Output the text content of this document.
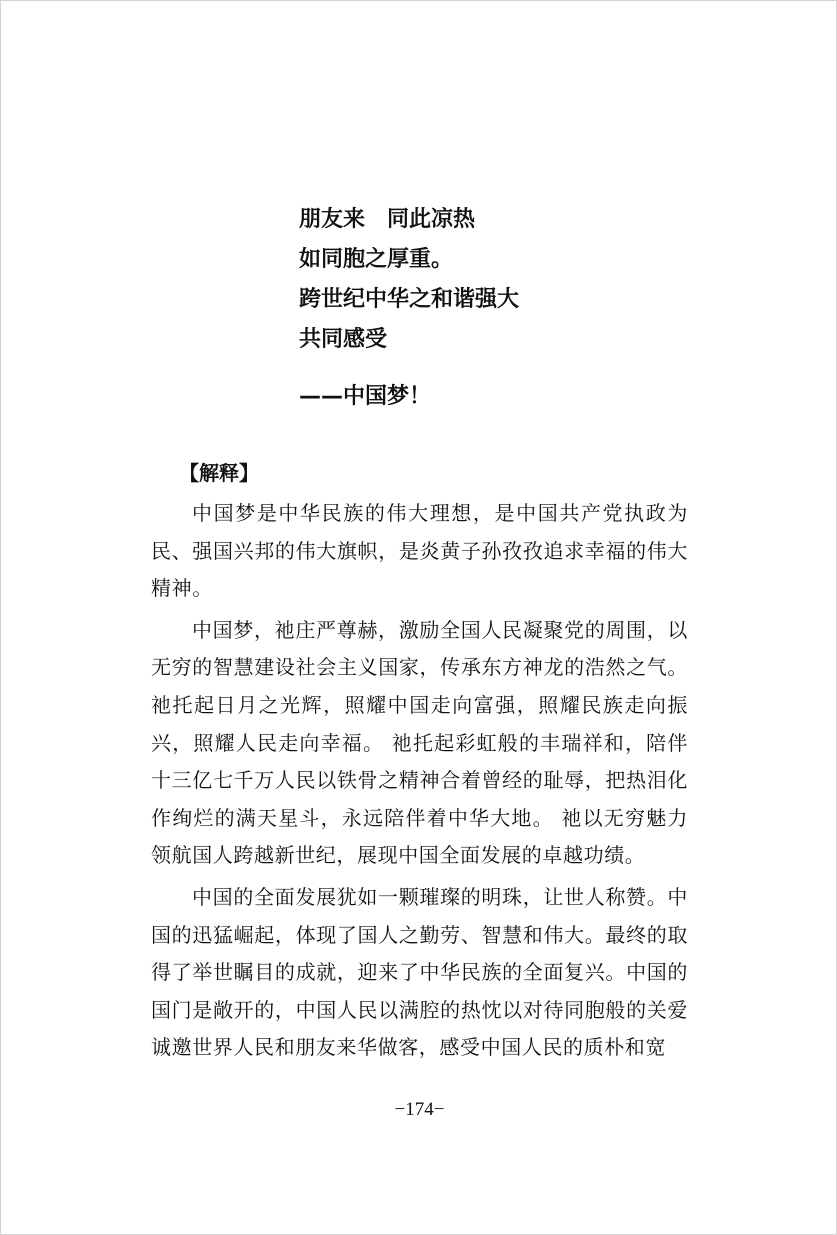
朋友来　同此凉热
如同胞之厚重。
跨世纪中华之和谐强大
共同感受
——中国梦！
【解释】

中国梦是中华民族的伟大理想，是中国共产党执政为民、强国兴邦的伟大旗帜，是炎黄子孙孜孜追求幸福的伟大精神。

中国梦，祂庄严尊赫，激励全国人民凝聚党的周围，以无穷的智慧建设社会主义国家，传承东方神龙的浩然之气。祂托起日月之光辉，照耀中国走向富强，照耀民族走向振兴，照耀人民走向幸福。 祂托起彩虹般的丰瑞祥和，陪伴十三亿七千万人民以铁骨之精神合着曾经的耻辱，把热泪化作绚烂的满天星斗，永远陪伴着中华大地。 祂以无穷魅力领航国人跨越新世纪，展现中国全面发展的卓越功绩。

中国的全面发展犹如一颗璀璨的明珠，让世人称赞。中国的迅猛崛起，体现了国人之勤劳、智慧和伟大。最终的取得了举世瞩目的成就，迎来了中华民族的全面复兴。中国的国门是敞开的，中国人民以满腔的热忱以对待同胞般的关爱诚邀世界人民和朋友来华做客，感受中国人民的质朴和宽

−174−
